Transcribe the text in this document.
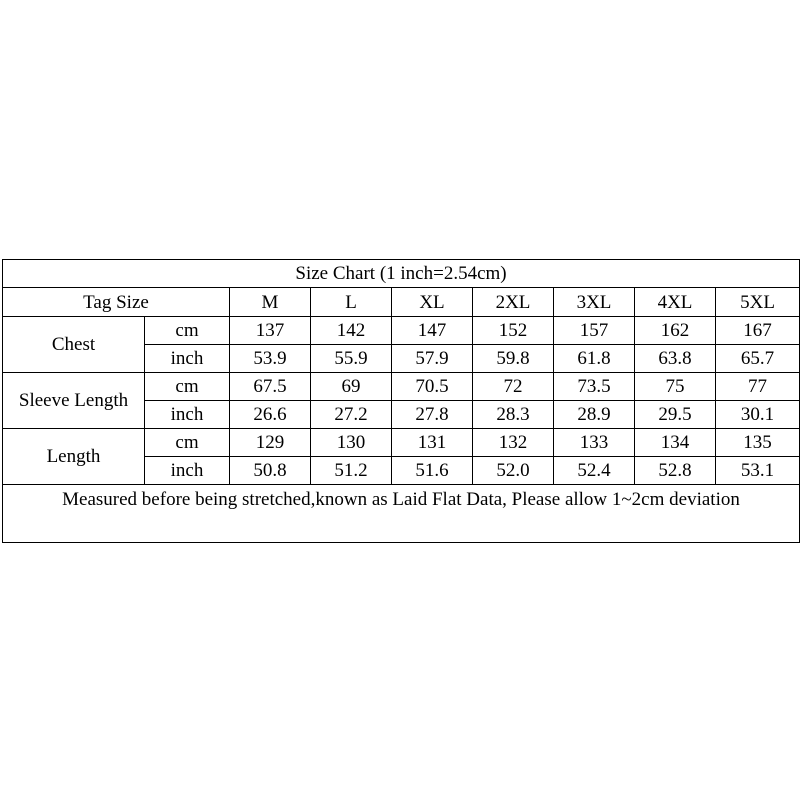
Size Chart (1 inch=2.54cm)								
Tag Size		M	L	XL	2XL	3XL	4XL	5XL
Chest	cm	137	142	147	152	157	162	167
	inch	53.9	55.9	57.9	59.8	61.8	63.8	65.7
Sleeve Length	cm	67.5	69	70.5	72	73.5	75	77
	inch	26.6	27.2	27.8	28.3	28.9	29.5	30.1
Length	cm	129	130	131	132	133	134	135
	inch	50.8	51.2	51.6	52.0	52.4	52.8	53.1
Measured before being stretched,known as Laid Flat Data, Please allow 1~2cm deviation								
